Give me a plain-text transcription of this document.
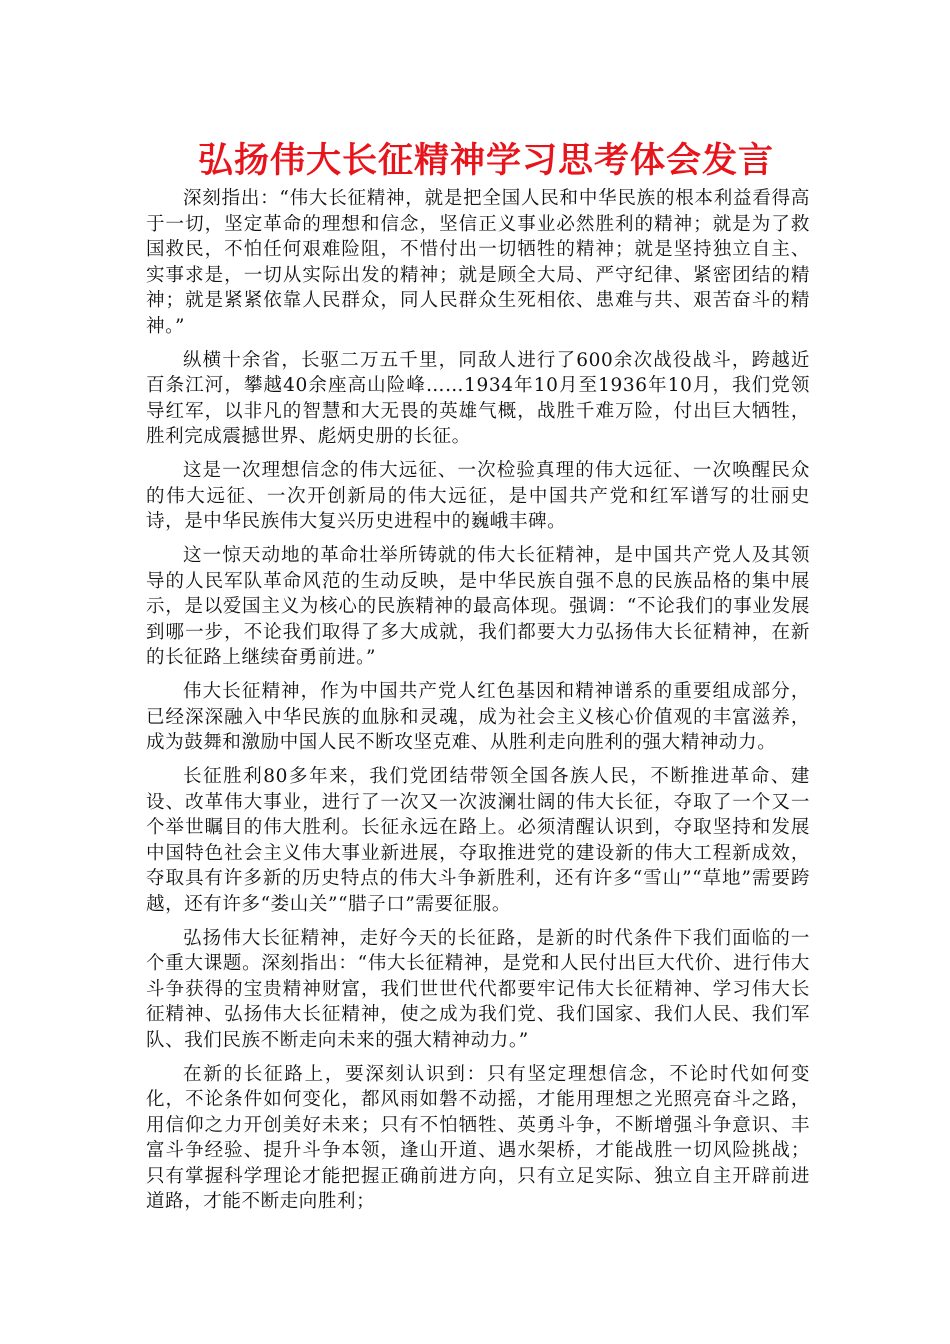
弘扬伟大长征精神学习思考体会发言

深刻指出：“伟大长征精神，就是把全国人民和中华民族的根本利益看得高于一切，坚定革命的理想和信念，坚信正义事业必然胜利的精神；就是为了救国救民，不怕任何艰难险阻，不惜付出一切牺牲的精神；就是坚持独立自主、实事求是，一切从实际出发的精神；就是顾全大局、严守纪律、紧密团结的精神；就是紧紧依靠人民群众，同人民群众生死相依、患难与共、艰苦奋斗的精神。”

纵横十余省，长驱二万五千里，同敌人进行了600余次战役战斗，跨越近百条江河，攀越40余座高山险峰……1934年10月至1936年10月，我们党领导红军，以非凡的智慧和大无畏的英雄气概，战胜千难万险，付出巨大牺牲，胜利完成震撼世界、彪炳史册的长征。

这是一次理想信念的伟大远征、一次检验真理的伟大远征、一次唤醒民众的伟大远征、一次开创新局的伟大远征，是中国共产党和红军谱写的壮丽史诗，是中华民族伟大复兴历史进程中的巍峨丰碑。

这一惊天动地的革命壮举所铸就的伟大长征精神，是中国共产党人及其领导的人民军队革命风范的生动反映，是中华民族自强不息的民族品格的集中展示，是以爱国主义为核心的民族精神的最高体现。强调：“不论我们的事业发展到哪一步，不论我们取得了多大成就，我们都要大力弘扬伟大长征精神，在新的长征路上继续奋勇前进。”

伟大长征精神，作为中国共产党人红色基因和精神谱系的重要组成部分，已经深深融入中华民族的血脉和灵魂，成为社会主义核心价值观的丰富滋养，成为鼓舞和激励中国人民不断攻坚克难、从胜利走向胜利的强大精神动力。

长征胜利80多年来，我们党团结带领全国各族人民，不断推进革命、建设、改革伟大事业，进行了一次又一次波澜壮阔的伟大长征，夺取了一个又一个举世瞩目的伟大胜利。长征永远在路上。必须清醒认识到，夺取坚持和发展中国特色社会主义伟大事业新进展，夺取推进党的建设新的伟大工程新成效，夺取具有许多新的历史特点的伟大斗争新胜利，还有许多“雪山”“草地”需要跨越，还有许多“娄山关”“腊子口”需要征服。

弘扬伟大长征精神，走好今天的长征路，是新的时代条件下我们面临的一个重大课题。深刻指出：“伟大长征精神，是党和人民付出巨大代价、进行伟大斗争获得的宝贵精神财富，我们世世代代都要牢记伟大长征精神、学习伟大长征精神、弘扬伟大长征精神，使之成为我们党、我们国家、我们人民、我们军队、我们民族不断走向未来的强大精神动力。”

在新的长征路上，要深刻认识到：只有坚定理想信念，不论时代如何变化，不论条件如何变化，都风雨如磐不动摇，才能用理想之光照亮奋斗之路，用信仰之力开创美好未来；只有不怕牺牲、英勇斗争，不断增强斗争意识、丰富斗争经验、提升斗争本领，逢山开道、遇水架桥，才能战胜一切风险挑战；只有掌握科学理论才能把握正确前进方向，只有立足实际、独立自主开辟前进道路，才能不断走向胜利；
